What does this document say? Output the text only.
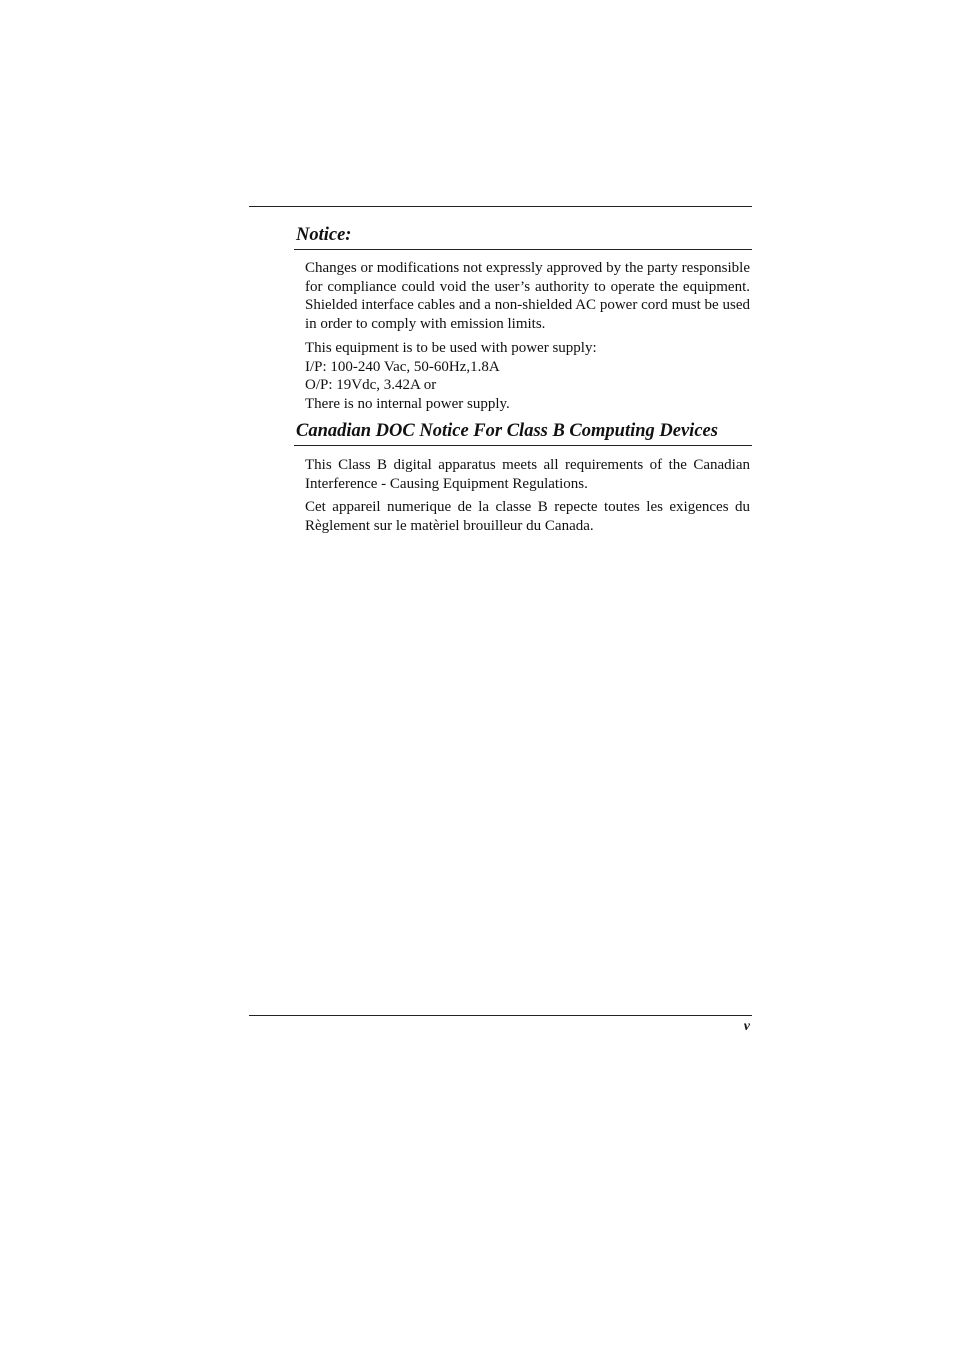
Notice:

Changes or modifications not expressly approved by the party responsible for compliance could void the user’s authority to operate the equipment. Shielded interface cables and a non-shielded AC power cord must be used in order to comply with emission limits.

This equipment is to be used with power supply:
I/P: 100-240 Vac, 50-60Hz,1.8A
O/P: 19Vdc, 3.42A or
There is no internal power supply.
Canadian DOC Notice For Class B Computing Devices

This Class B digital apparatus meets all requirements of the Canadian Interference - Causing Equipment Regulations.

Cet appareil numerique de la classe B repecte toutes les exigences du Règlement sur le matèriel brouilleur du Canada.

v
